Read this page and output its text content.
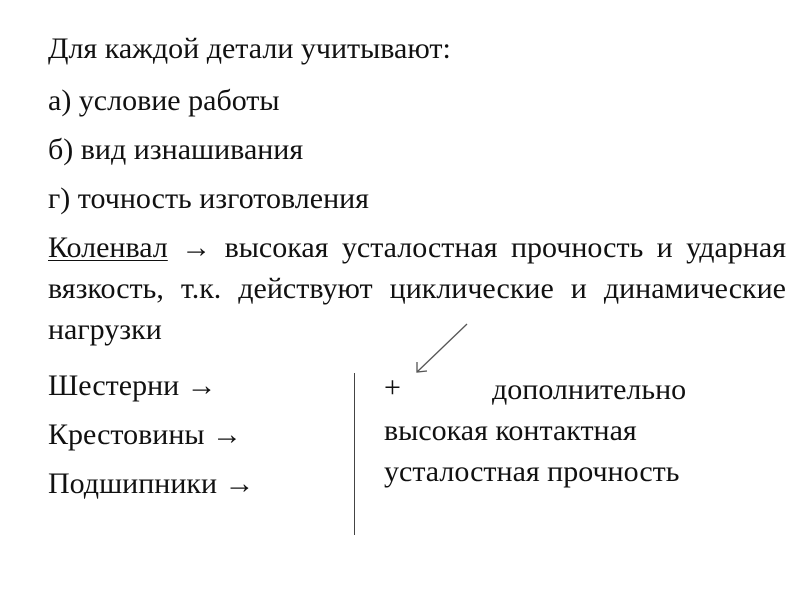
Для каждой детали учитывают:
а) условие работы
б) вид изнашивания
г) точность изготовления
Коленвал → высокая усталостная прочность и ударная вязкость, т.к. действуют циклические и динамические нагрузки
Шестерни →
Крестовины →
Подшипники →
+	дополнительно
высокая контактная
усталостная прочность
